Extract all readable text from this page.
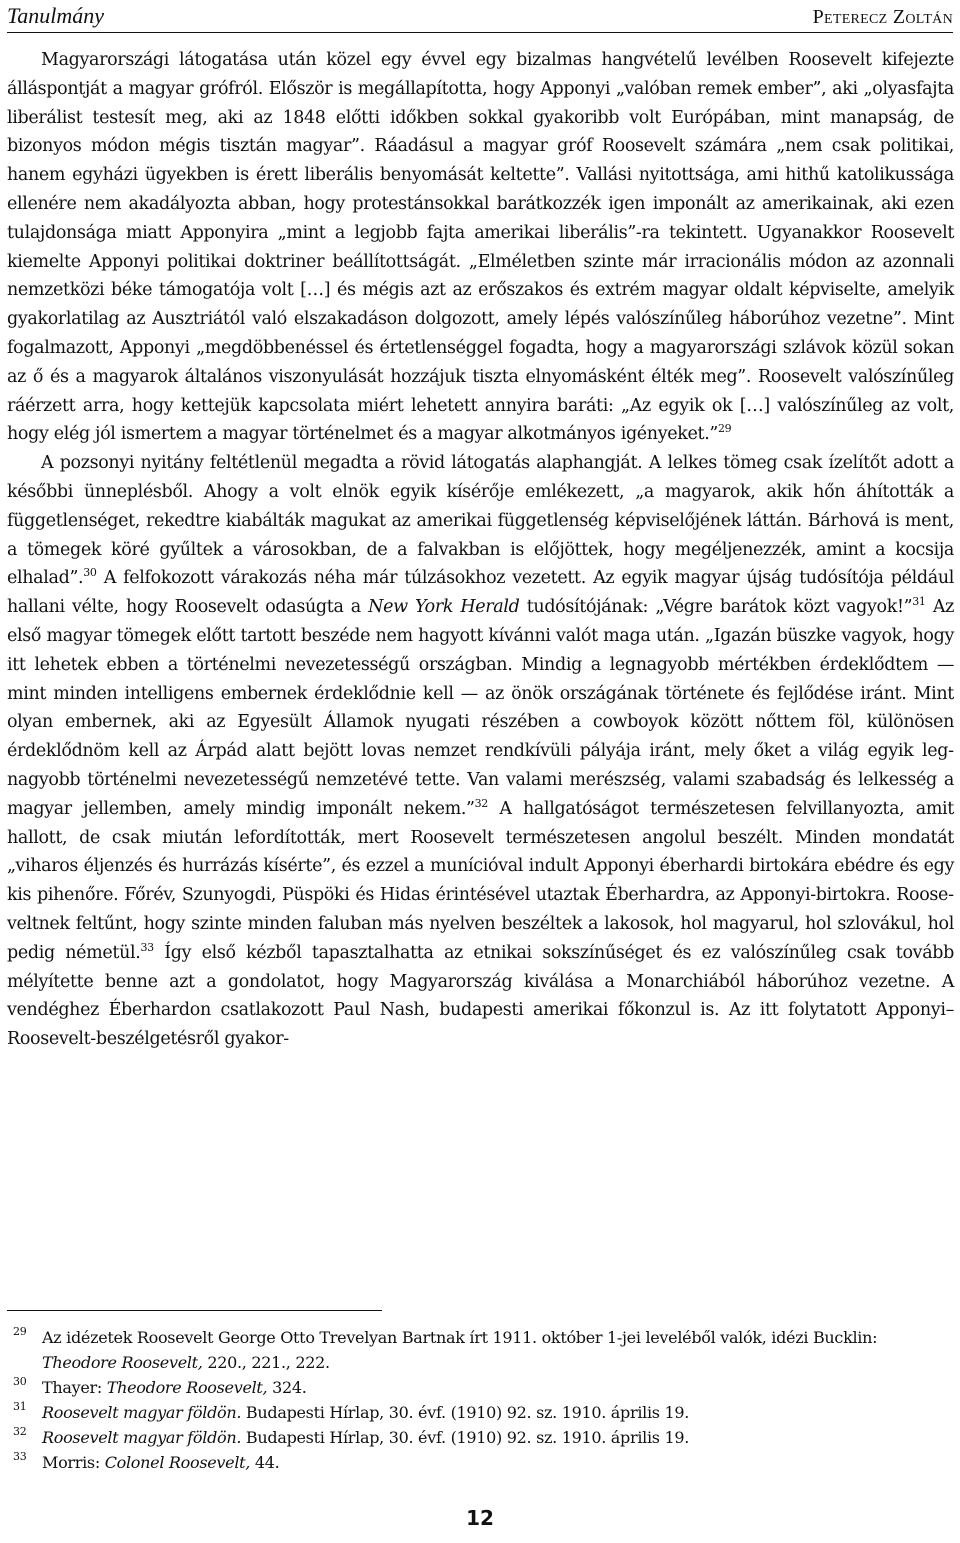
Tanulmány	Peterecz Zoltán

Magyarországi látogatása után közel egy évvel egy bizalmas hangvételű levélben Roosevelt kifejezte álláspontját a magyar grófról. Először is megállapította, hogy Apponyi „valóban remek ember”, aki „olyasfajta liberálist testesít meg, aki az 1848 előtti időkben sokkal gyakoribb volt Európában, mint manapság, de bizonyos módon mégis tisztán magyar”. Ráadásul a magyar gróf Roosevelt számára „nem csak politikai, hanem egyházi ügyekben is érett liberális benyomását keltette”. Vallási nyitottsága, ami hithű katolikussága ellenére nem akadályozta abban, hogy protestánsokkal barátkozzék igen imponált az amerikainak, aki ezen tulajdonsága miatt Apponyira „mint a legjobb fajta amerikai liberális”-ra tekintett. Ugyanakkor Roosevelt kiemelte Apponyi politikai doktriner beállítottságát. „Elméletben szinte már irracionális módon az azonnali nemzetközi béke támogatója volt […] és mégis azt az erőszakos és extrém magyar oldalt képviselte, amelyik gyakorlatilag az Ausztriától való elszakadáson dolgozott, amely lépés valószínűleg háborúhoz vezetne”. Mint fogalmazott, Apponyi „megdöbbenéssel és értetlenséggel fogadta, hogy a magyarországi szlávok közül sokan az ő és a magyarok általános viszonyulását hozzájuk tiszta elnyomásként élték meg”. Roosevelt valószínűleg ráérzett arra, hogy kettejük kapcsolata miért lehetett annyira baráti: „Az egyik ok […] valószínűleg az volt, hogy elég jól ismertem a magyar történelmet és a magyar alkotmányos igényeket.”$^{29}$

A pozsonyi nyitány feltétlenül megadta a rövid látogatás alaphangját. A lelkes tömeg csak ízelítőt adott a későbbi ünneplésből. Ahogy a volt elnök egyik kísérője emlékezett, „a magyarok, akik hőn áhították a függetlenséget, rekedtre kiabálták magukat az amerikai függetlenség képviselőjének láttán. Bárhová is ment, a tömegek köré gyűltek a városokban, de a falvakban is előjöttek, hogy megéljenezzék, amint a kocsija elhalad”.$^{30}$ A felfokozott várakozás néha már túlzásokhoz vezetett. Az egyik magyar újság tudósítója például hallani vélte, hogy Roosevelt odasúgta a New York Herald tudósítójának: „Végre barátok közt vagyok!”$^{31}$ Az első magyar tömegek előtt tartott beszéde nem hagyott kívánni valót maga után. „Igazán büszke vagyok, hogy itt lehetek ebben a történelmi nevezetességű országban. Mindig a legnagyobb mértékben érdeklődtem — mint minden intelligens embernek érdeklődnie kell — az önök országának története és fejlődése iránt. Mint olyan embernek, aki az Egyesült Államok nyugati részében a cowboyok között nőttem föl, különösen érdeklődnöm kell az Árpád alatt bejött lovas nemzet rendkívüli pályája iránt, mely őket a világ egyik legnagyobb történelmi nevezetességű nemzetévé tette. Van valami merészség, valami szabadság és lelkesség a magyar jellemben, amely mindig imponált nekem.”$^{32}$ A hallgatóságot természetesen felvillanyozta, amit hallott, de csak miután lefordították, mert Roosevelt természetesen angolul beszélt. Minden mondatát „viharos éljenzés és hurrázás kísérte”, és ezzel a munícióval indult Apponyi éberhardi birtokára ebédre és egy kis pihenőre. Főrév, Szunyogdi, Püspöki és Hidas érintésével utaztak Éberhardra, az Apponyi-birtokra. Rooseveltnek feltűnt, hogy szinte minden faluban más nyelven beszéltek a lakosok, hol magyarul, hol szlovákul, hol pedig németül.$^{33}$ Így első kézből tapasztalhatta az etnikai sokszínűséget és ez valószínűleg csak tovább mélyítette benne azt a gondolatot, hogy Magyarország kiválása a Monarchiából háborúhoz vezetne. A vendéghez Éberhardon csatlakozott Paul Nash, budapesti amerikai főkonzul is. Az itt folytatott Apponyi–Roosevelt-beszélgetésről gyakor-

29 Az idézetek Roosevelt George Otto Trevelyan Bartnak írt 1911. október 1-jei leveléből valók, idézi Bucklin: Theodore Roosevelt, 220., 221., 222.
30 Thayer: Theodore Roosevelt, 324.
31 Roosevelt magyar földön. Budapesti Hírlap, 30. évf. (1910) 92. sz. 1910. április 19.
32 Roosevelt magyar földön. Budapesti Hírlap, 30. évf. (1910) 92. sz. 1910. április 19.
33 Morris: Colonel Roosevelt, 44.
12
